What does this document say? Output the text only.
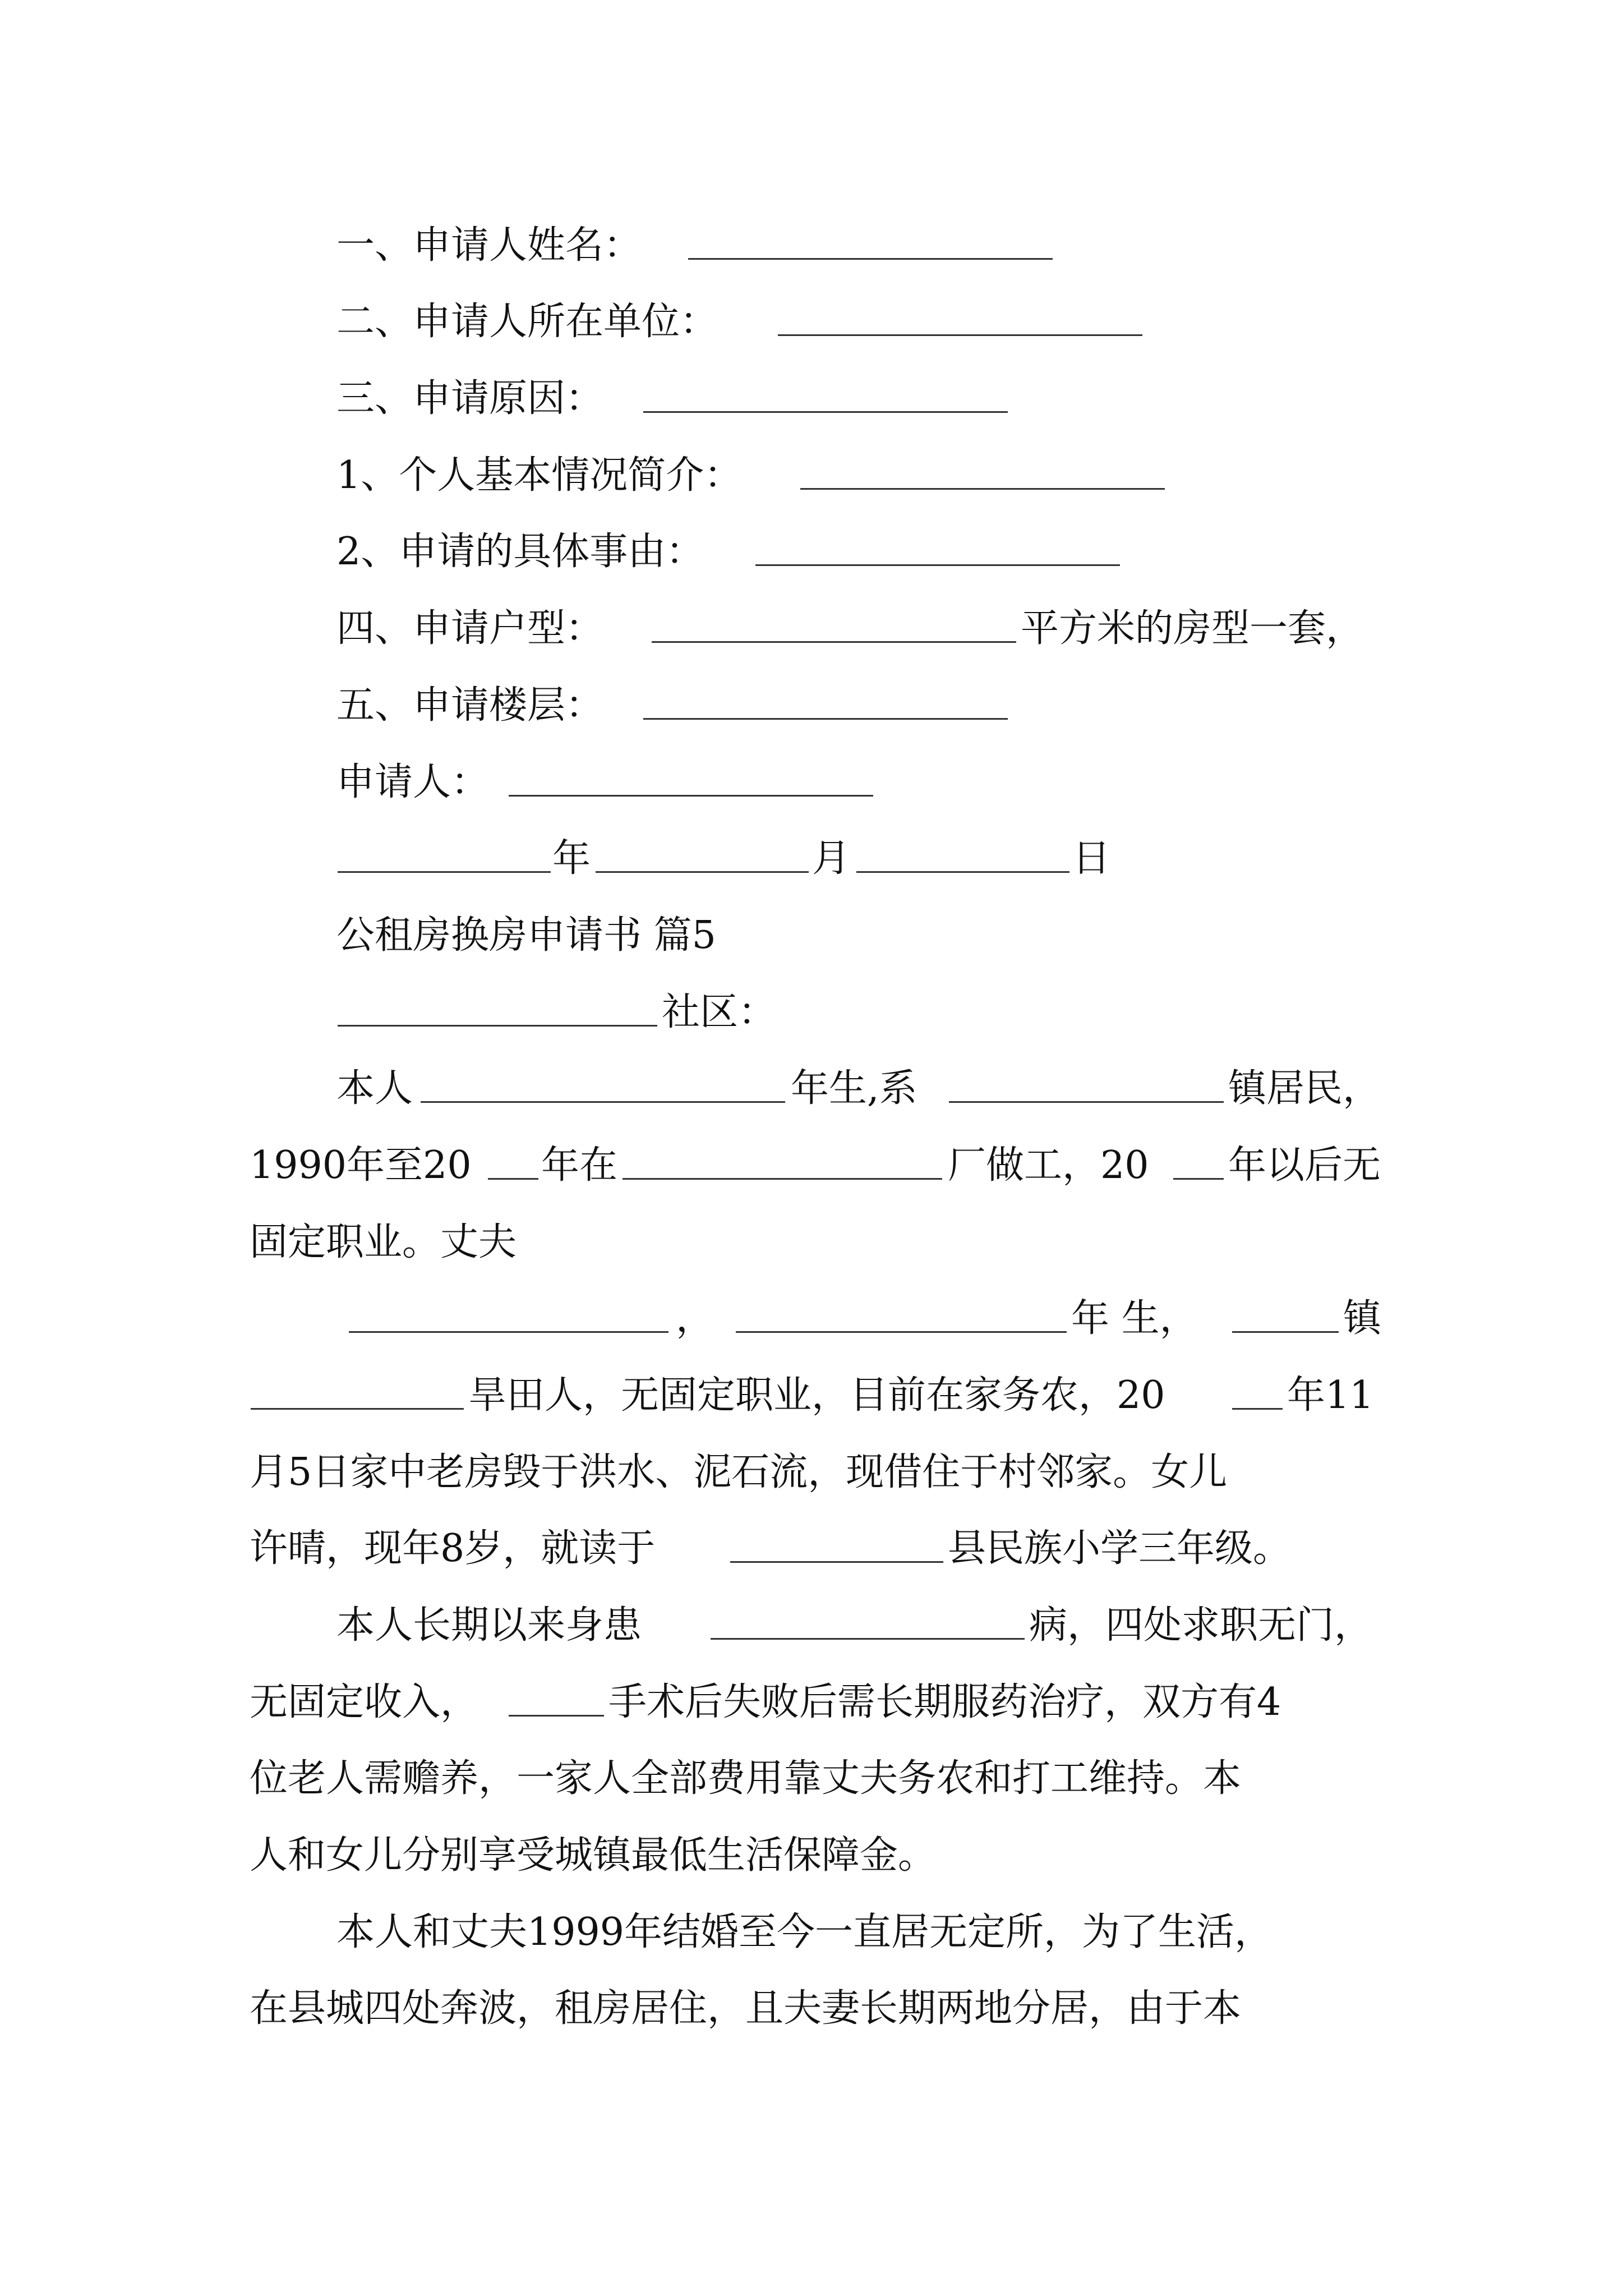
一、申请人姓名：
二、申请人所在单位：
三、申请原因：
1、个人基本情况简介：
2、申请的具体事由：
四、申请户型：	平方米的房型一套，
五、申请楼层：
申请人：
年	月	日
公租房换房申请书 篇5
社区：
本人	年生,系	镇居民，
1990年至20 年在	厂做工，20 年以后无
固定职业。丈夫
，	年 生，	镇
旱田人，无固定职业，目前在家务农，20	年11
月5日家中老房毁于洪水、泥石流，现借住于村邻家。女儿
许晴，现年8岁，就读于	县民族小学三年级。
本人长期以来身患	病，四处求职无门，
无固定收入，	手术后失败后需长期服药治疗，双方有4
位老人需赡养，一家人全部费用靠丈夫务农和打工维持。本
人和女儿分别享受城镇最低生活保障金。
本人和丈夫1999年结婚至今一直居无定所，为了生活，
在县城四处奔波，租房居住，且夫妻长期两地分居，由于本
